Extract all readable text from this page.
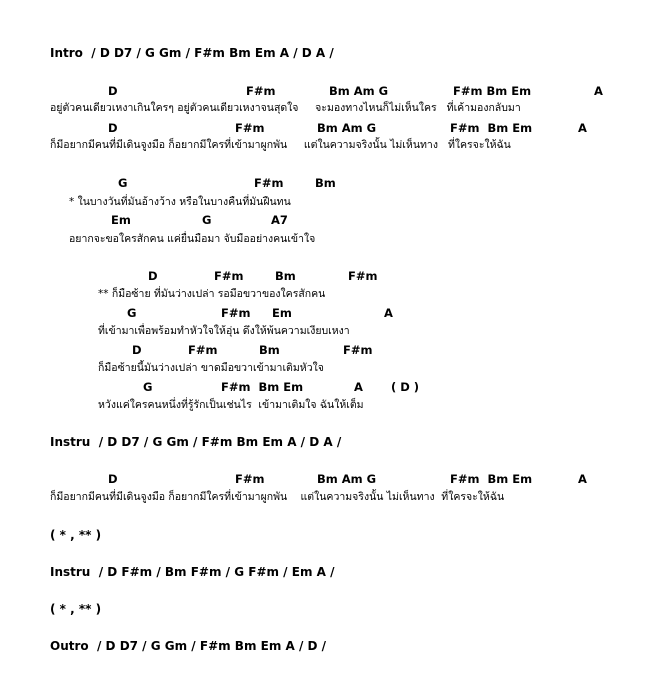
Intro  / D D7 / G Gm / F#m Bm Em A / D A /
D	F#m	Bm Am G	F#m Bm Em	A
อยู่ตัวคนเดียวเหงาเกินใครๆ อยู่ตัวคนเดียวเหงาจนสุดใจ     จะมองทางไหนก็ไม่เห็นใคร   ที่เค้ามองกลับมา
D	F#m	Bm Am G	F#m  Bm Em	A
ก็มีอยากมีคนที่มีเดินจูงมือ ก็อยากมีใครที่เข้ามาผูกพัน     แต่ในความจริงนั้น ไม่เห็นทาง   ที่ใครจะให้ฉัน
G	F#m	Bm
* ในบางวันที่มันอ้างว้าง หรือในบางคืนที่มันฝืนทน
Em	G	A7
อยากจะขอใครสักคน แค่ยื่นมือมา จับมืออย่างคนเข้าใจ
D	F#m	Bm	F#m
** ก็มือซ้าย ที่มันว่างเปล่า รอมือขวาของใครสักคน
G	F#m Em	A
ที่เข้ามาเพื่อพร้อมทำหัวใจให้อุ่น ดึงให้พ้นความเงียบเหงา
D	F#m	Bm	F#m
ก็มือซ้ายนี้มันว่างเปล่า ขาดมือขวาเข้ามาเติมหัวใจ
G	F#m  Bm Em	A ( D )
หวังแค่ใครคนหนึ่งที่รู้รักเป็นเช่นไร  เข้ามาเติมใจ ฉันให้เต็ม
Instru  / D D7 / G Gm / F#m Bm Em A / D A /
D	F#m	Bm Am G	F#m  Bm Em	A
ก็มีอยากมีคนที่มีเดินจูงมือ ก็อยากมีใครที่เข้ามาผูกพัน    แต่ในความจริงนั้น ไม่เห็นทาง  ที่ใครจะให้ฉัน
( * , ** )
Instru  / D F#m / Bm F#m / G F#m / Em A /
( * , ** )
Outro  / D D7 / G Gm / F#m Bm Em A / D /
